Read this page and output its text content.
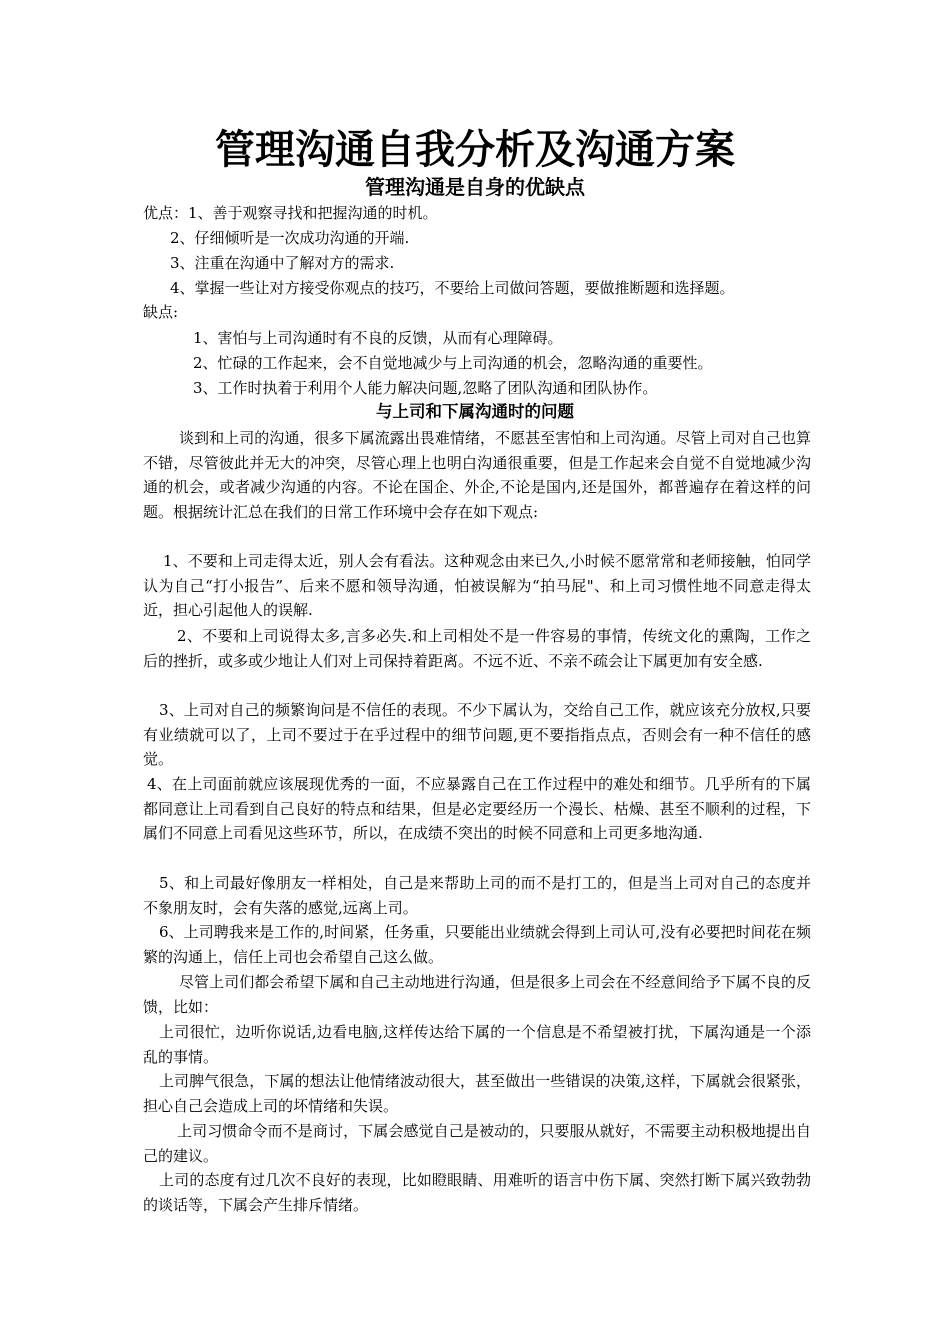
管理沟通自我分析及沟通方案
管理沟通是自身的优缺点
优点：1、善于观察寻找和把握沟通的时机。
2、仔细倾听是一次成功沟通的开端.
3、注重在沟通中了解对方的需求.
4、掌握一些让对方接受你观点的技巧，不要给上司做问答题，要做推断题和选择题。
缺点:
1、害怕与上司沟通时有不良的反馈，从而有心理障碍。
2、忙碌的工作起来，会不自觉地减少与上司沟通的机会，忽略沟通的重要性。
3、工作时执着于利用个人能力解决问题,忽略了团队沟通和团队协作。
与上司和下属沟通时的问题
谈到和上司的沟通，很多下属流露出畏难情绪，不愿甚至害怕和上司沟通。尽管上司对自己也算不错，尽管彼此并无大的冲突，尽管心理上也明白沟通很重要，但是工作起来会自觉不自觉地减少沟通的机会，或者减少沟通的内容。不论在国企、外企,不论是国内,还是国外，都普遍存在着这样的问题。根据统计汇总在我们的日常工作环境中会存在如下观点:
1、不要和上司走得太近，别人会有看法。这种观念由来已久,小时候不愿常常和老师接触，怕同学认为自己“打小报告”、后来不愿和领导沟通，怕被误解为“拍马屁"、和上司习惯性地不同意走得太近，担心引起他人的误解.
2、不要和上司说得太多,言多必失.和上司相处不是一件容易的事情，传统文化的熏陶，工作之后的挫折，或多或少地让人们对上司保持着距离。不远不近、不亲不疏会让下属更加有安全感.
3、上司对自己的频繁询问是不信任的表现。不少下属认为，交给自己工作，就应该充分放权,只要有业绩就可以了，上司不要过于在乎过程中的细节问题,更不要指指点点，否则会有一种不信任的感觉。
4、在上司面前就应该展现优秀的一面，不应暴露自己在工作过程中的难处和细节。几乎所有的下属都同意让上司看到自己良好的特点和结果，但是必定要经历一个漫长、枯燥、甚至不顺利的过程，下属们不同意上司看见这些环节，所以，在成绩不突出的时候不同意和上司更多地沟通.
5、和上司最好像朋友一样相处，自己是来帮助上司的而不是打工的，但是当上司对自己的态度并不象朋友时，会有失落的感觉,远离上司。
6、上司聘我来是工作的,时间紧，任务重，只要能出业绩就会得到上司认可,没有必要把时间花在频繁的沟通上，信任上司也会希望自己这么做。
尽管上司们都会希望下属和自己主动地进行沟通，但是很多上司会在不经意间给予下属不良的反馈，比如：
上司很忙，边听你说话,边看电脑,这样传达给下属的一个信息是不希望被打扰，下属沟通是一个添乱的事情。
上司脾气很急，下属的想法让他情绪波动很大，甚至做出一些错误的决策,这样，下属就会很紧张，担心自己会造成上司的坏情绪和失误。
上司习惯命令而不是商讨，下属会感觉自己是被动的，只要服从就好，不需要主动积极地提出自己的建议。
上司的态度有过几次不良好的表现，比如瞪眼睛、用难听的语言中伤下属、突然打断下属兴致勃勃的谈话等，下属会产生排斥情绪。
